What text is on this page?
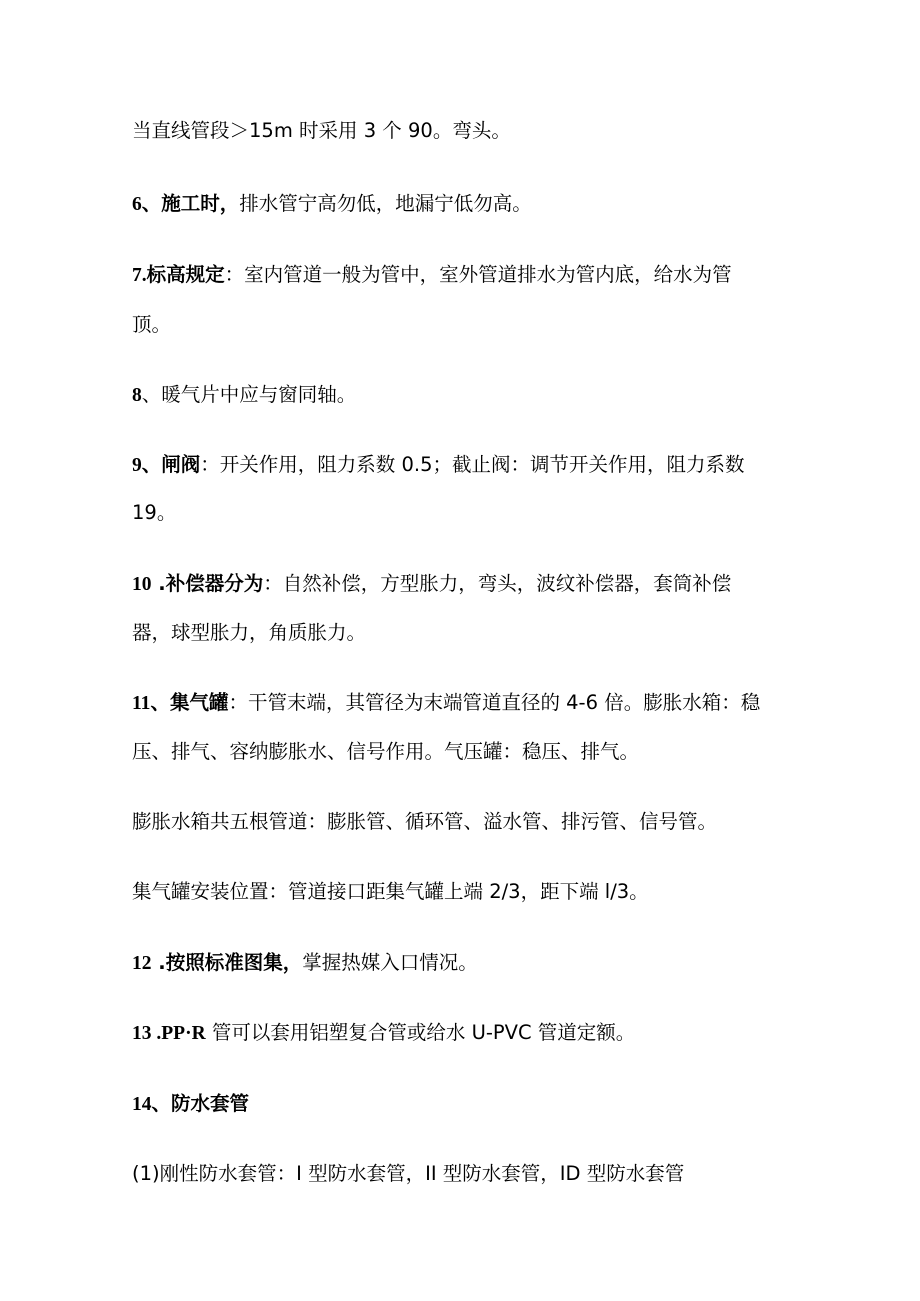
当直线管段＞15m 时采用 3 个 90。弯头。
6、施工时，排水管宁高勿低，地漏宁低勿高。
7.标高规定：室内管道一般为管中，室外管道排水为管内底，给水为管
顶。
8、暖气片中应与窗同轴。
9、闸阀：开关作用，阻力系数 0.5；截止阀：调节开关作用，阻力系数
19。
10 .补偿器分为：自然补偿，方型胀力，弯头，波纹补偿器，套筒补偿
器，球型胀力，角质胀力。
11、集气罐：干管末端，其管径为末端管道直径的 4-6 倍。膨胀水箱：稳
压、排气、容纳膨胀水、信号作用。气压罐：稳压、排气。
膨胀水箱共五根管道：膨胀管、循环管、溢水管、排污管、信号管。
集气罐安装位置：管道接口距集气罐上端 2/3，距下端 l/3。
12 .按照标准图集，掌握热媒入口情况。
13 .PP·R 管可以套用铝塑复合管或给水 U-PVC 管道定额。
14、防水套管
(1)刚性防水套管：I 型防水套管，II 型防水套管，ID 型防水套管
